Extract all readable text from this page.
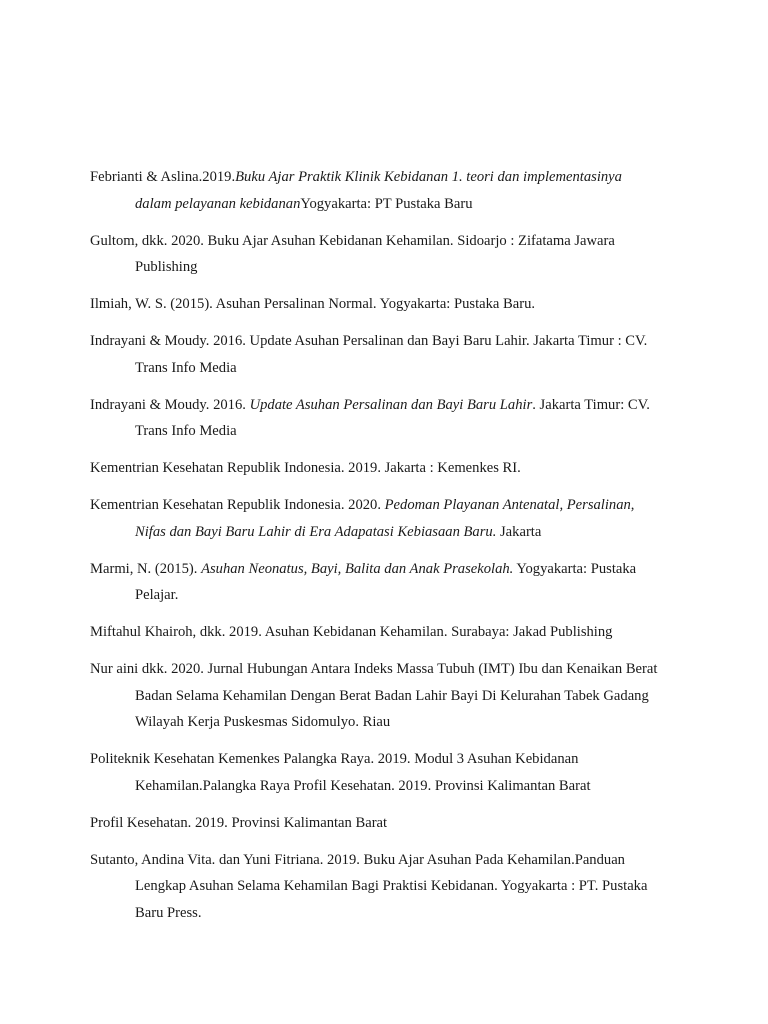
Febrianti & Aslina.2019.Buku Ajar Praktik Klinik Kebidanan 1. teori dan implementasinya
dalam pelayanan kebidananYogyakarta: PT Pustaka Baru
Gultom, dkk. 2020. Buku Ajar Asuhan Kebidanan Kehamilan. Sidoarjo : Zifatama Jawara
Publishing
Ilmiah, W. S. (2015). Asuhan Persalinan Normal. Yogyakarta: Pustaka Baru.
Indrayani & Moudy. 2016. Update Asuhan Persalinan dan Bayi Baru Lahir. Jakarta Timur : CV.
Trans Info Media
Indrayani & Moudy. 2016. Update Asuhan Persalinan dan Bayi Baru Lahir. Jakarta Timur: CV.
Trans Info Media
Kementrian Kesehatan Republik Indonesia. 2019. Jakarta : Kemenkes RI.
Kementrian Kesehatan Republik Indonesia. 2020. Pedoman Playanan Antenatal, Persalinan,
Nifas dan Bayi Baru Lahir di Era Adapatasi Kebiasaan Baru. Jakarta
Marmi, N. (2015). Asuhan Neonatus, Bayi, Balita dan Anak Prasekolah. Yogyakarta: Pustaka
Pelajar.
Miftahul Khairoh, dkk. 2019. Asuhan Kebidanan Kehamilan. Surabaya: Jakad Publishing
Nur aini dkk. 2020. Jurnal Hubungan Antara Indeks Massa Tubuh (IMT) Ibu dan Kenaikan Berat
Badan Selama Kehamilan Dengan Berat Badan Lahir Bayi Di Kelurahan Tabek Gadang
Wilayah Kerja Puskesmas Sidomulyo. Riau
Politeknik Kesehatan Kemenkes Palangka Raya. 2019. Modul 3 Asuhan Kebidanan
Kehamilan.Palangka Raya Profil Kesehatan. 2019. Provinsi Kalimantan Barat
Profil Kesehatan. 2019. Provinsi Kalimantan Barat
Sutanto, Andina Vita. dan Yuni Fitriana. 2019. Buku Ajar Asuhan Pada Kehamilan.Panduan
Lengkap Asuhan Selama Kehamilan Bagi Praktisi Kebidanan. Yogyakarta : PT. Pustaka
Baru Press.
